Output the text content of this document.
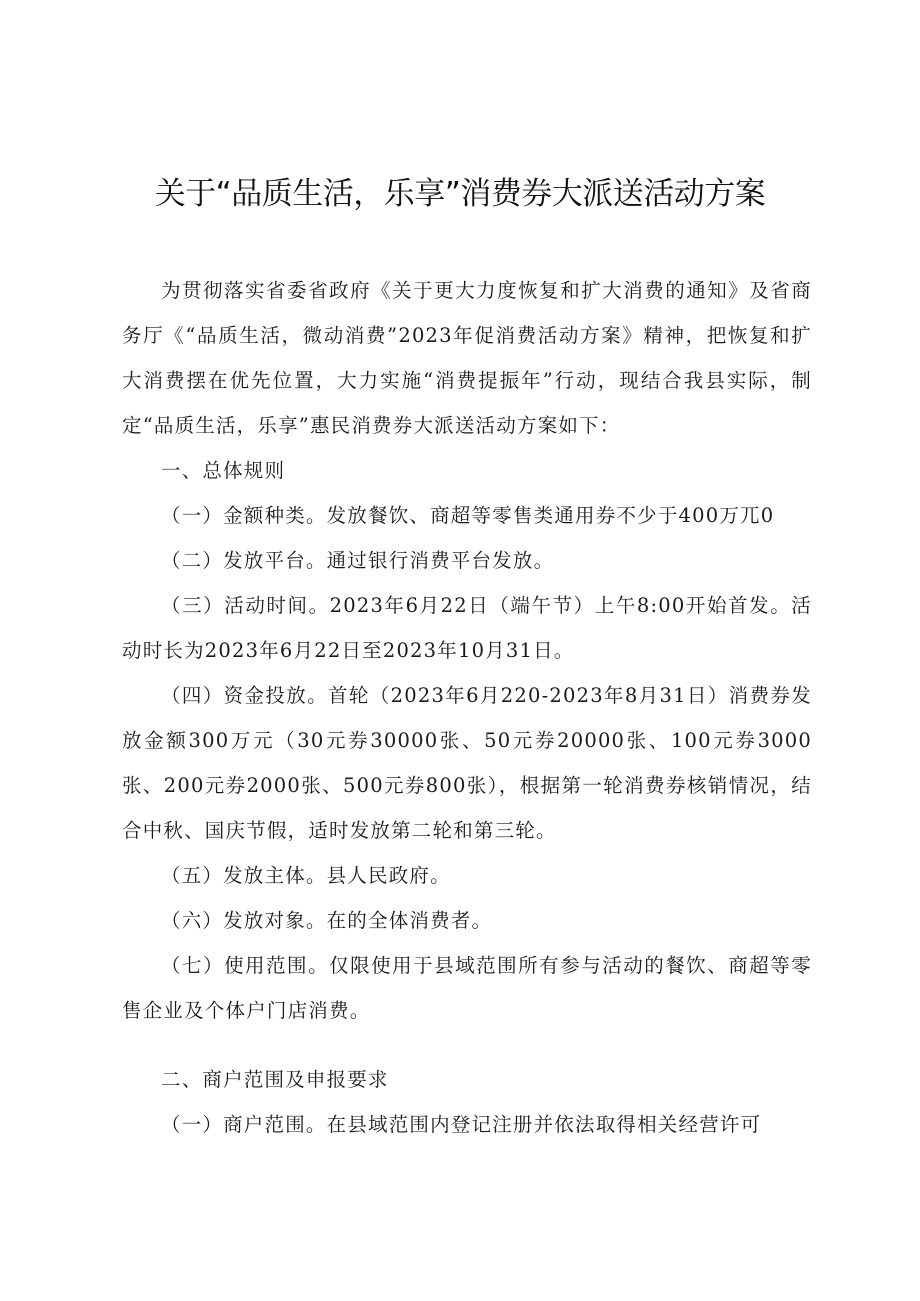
关于“品质生活，乐享”消费券大派送活动方案

为贯彻落实省委省政府《关于更大力度恢复和扩大消费的通知》及省商务厅《“品质生活，微动消费”2023年促消费活动方案》精神，把恢复和扩大消费摆在优先位置，大力实施“消费提振年”行动，现结合我县实际，制定“品质生活，乐享”惠民消费券大派送活动方案如下：

一、总体规则

（一）金额种类。发放餐饮、商超等零售类通用券不少于400万兀0

（二）发放平台。通过银行消费平台发放。

（三）活动时间。2023年6月22日（端午节）上午8:00开始首发。活动时长为2023年6月22日至2023年10月31日。

（四）资金投放。首轮（2023年6月220-2023年8月31日）消费券发放金额300万元（30元券30000张、50元券20000张、100元券3000张、200元券2000张、500元券800张），根据第一轮消费券核销情况，结合中秋、国庆节假，适时发放第二轮和第三轮。

（五）发放主体。县人民政府。

（六）发放对象。在的全体消费者。

（七）使用范围。仅限使用于县域范围所有参与活动的餐饮、商超等零售企业及个体户门店消费。

二、商户范围及申报要求

（一）商户范围。在县域范围内登记注册并依法取得相关经营许可
